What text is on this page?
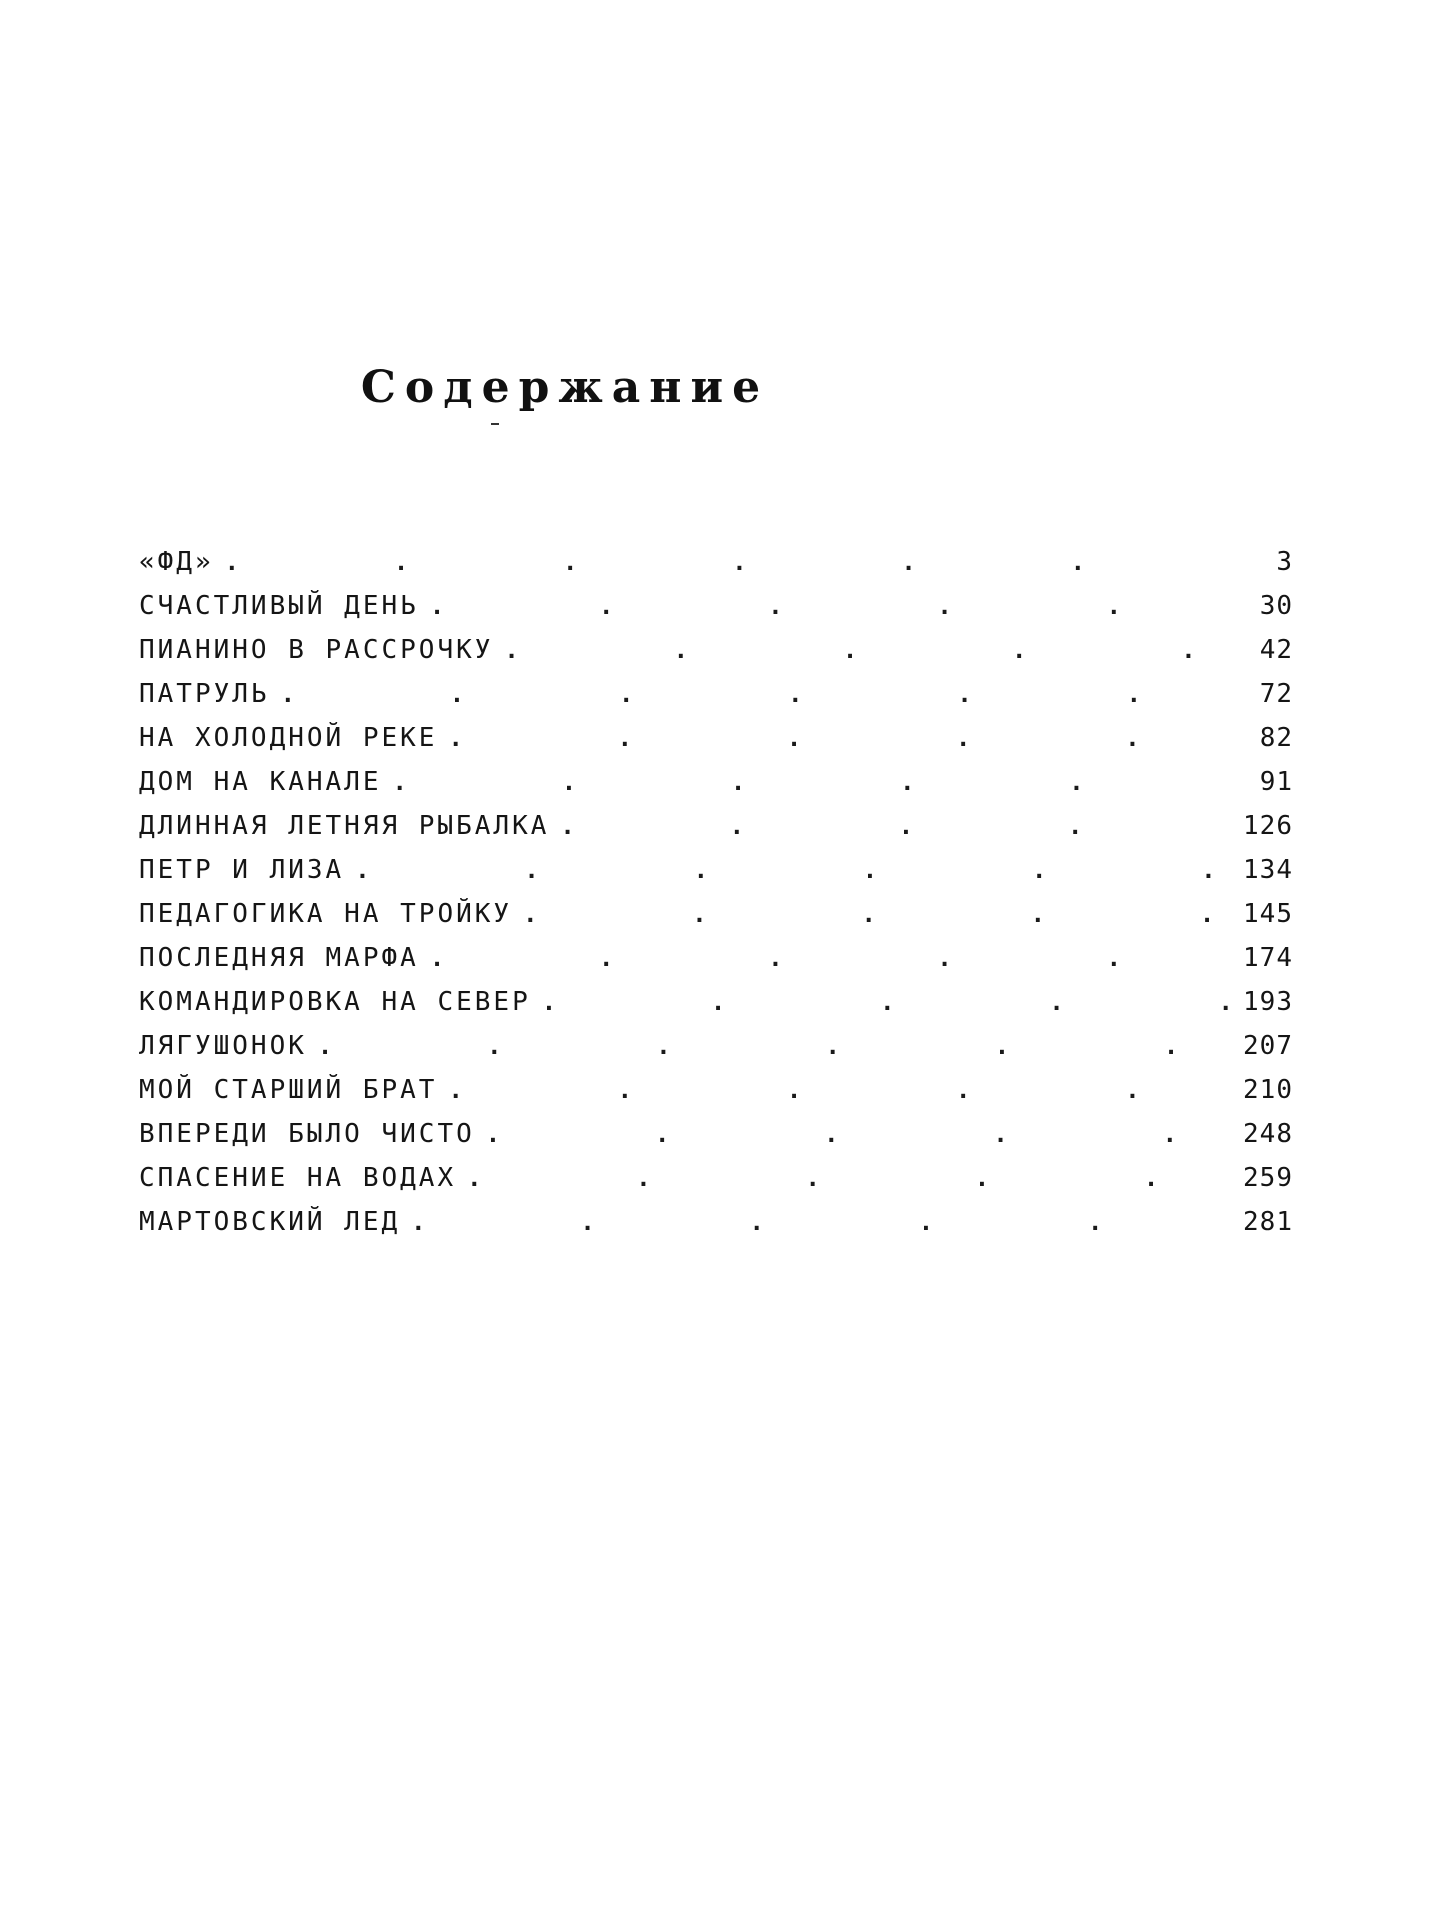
Содержание
«ФД» .	3
СЧАСТЛИВЫЙ ДЕНЬ .	30
ПИАНИНО В РАССРОЧКУ .	42
ПАТРУЛЬ .	72
НА ХОЛОДНОЙ РЕКЕ .	82
ДОМ НА КАНАЛЕ .	91
ДЛИННАЯ ЛЕТНЯЯ РЫБАЛКА .	126
ПЕТР И ЛИЗА .	134
ПЕДАГОГИКА НА ТРОЙКУ .	145
ПОСЛЕДНЯЯ МАРФА .	174
КОМАНДИРОВКА НА СЕВЕР .	193
ЛЯГУШОНОК .	207
МОЙ СТАРШИЙ БРАТ .	210
ВПЕРЕДИ БЫЛО ЧИСТО .	248
СПАСЕНИЕ НА ВОДАХ .	259
МАРТОВСКИЙ ЛЕД .	281
